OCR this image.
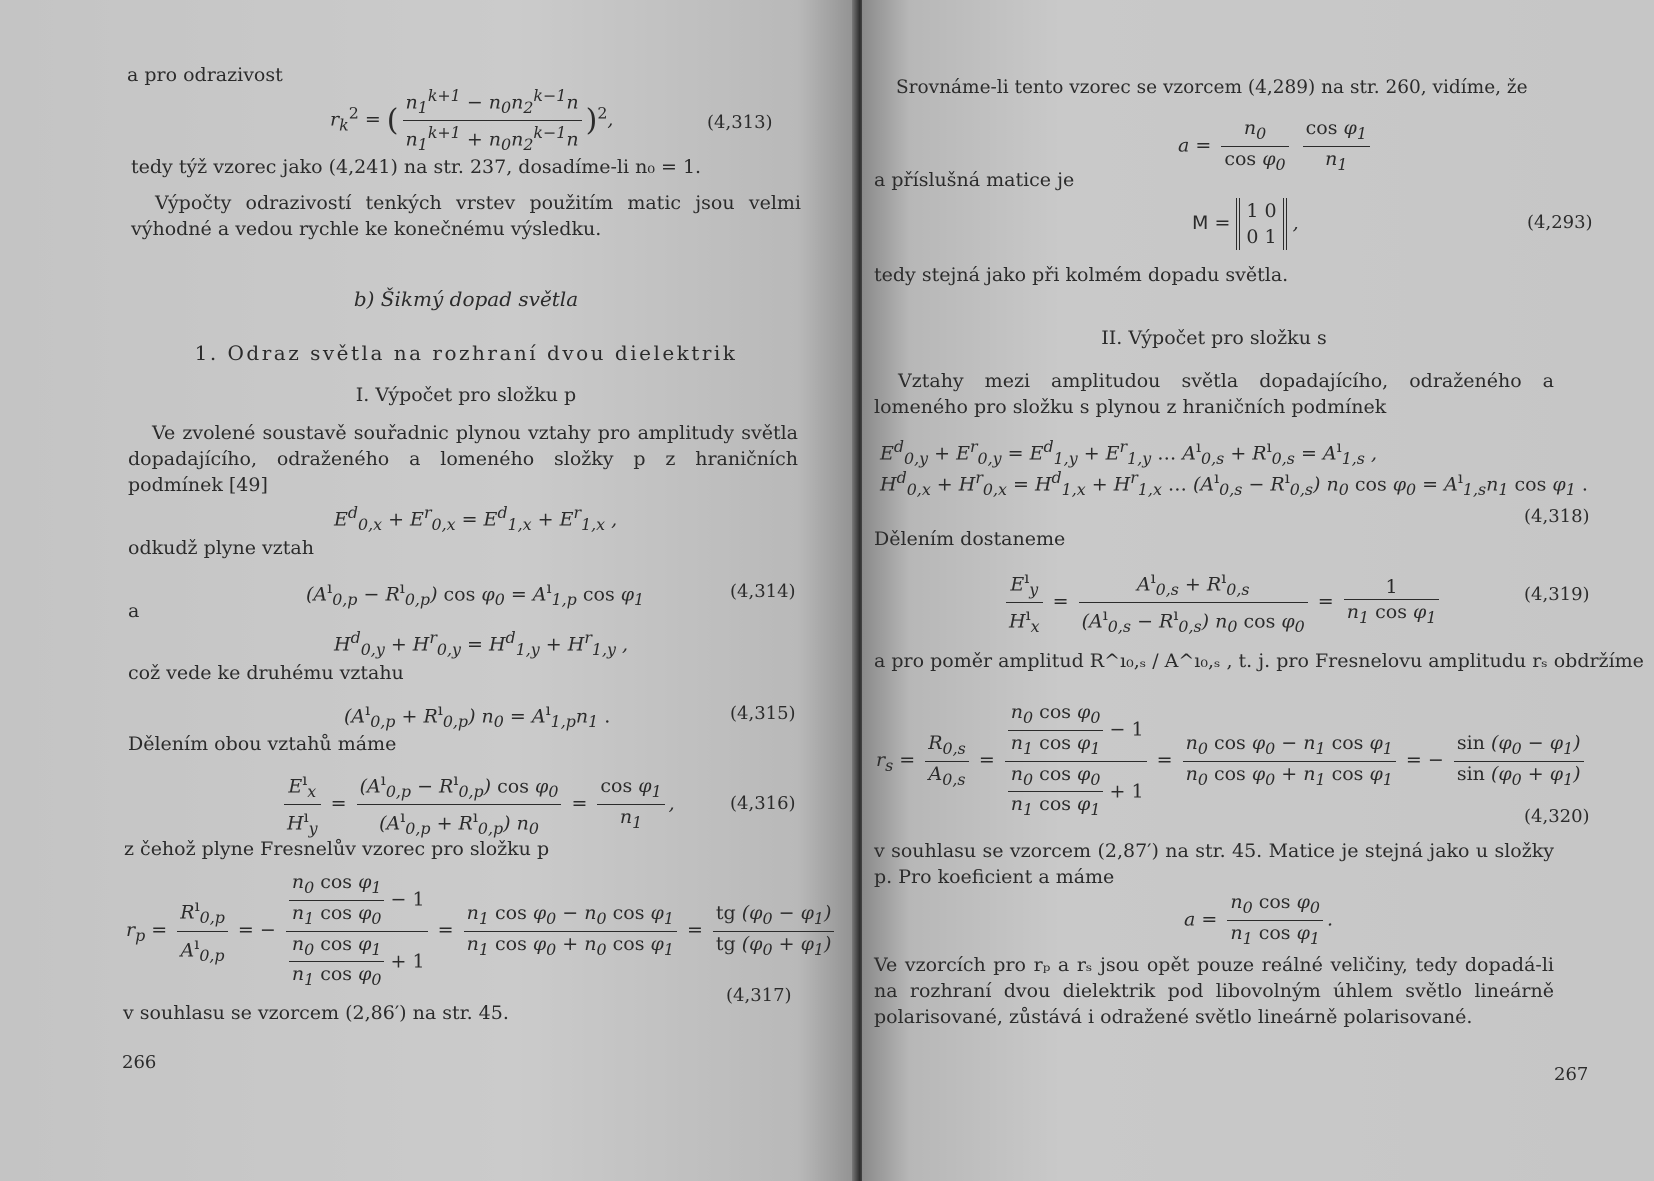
a pro odrazivost
$r_k^2$ = ( $\frac{n_1^{k+1} - n_0n_2^{k-1}n}{n_1^{k+1} + n_0n_2^{k-1}n} )^2$,	(4,313)
tedy týž vzorec jako (4,241) na str. 237, dosadíme-li n₀ = 1.
Výpočty odrazivostí tenkých vrstev použitím matic jsou velmi výhodné a vedou rychle ke konečnému výsledku.
b) Šikmý dopad světla
1. Odraz světla na rozhraní dvou dielektrik
I. Výpočet pro složku p
Ve zvolené soustavě souřadnic plynou vztahy pro amplitudy světla dopadajícího, odraženého a lomeného složky p z hraničních podmínek [49]
$E^d_{0,x} + E^r_{0,x} = E^d_{1,x} + E^r_{1,x}$ ,
odkudž plyne vztah
$(A^ı_{0,p} - R^ı_{0,p})$ $\cos \varphi_0 = A^ı_{1,p}$ $\cos \varphi_1$	(4,314)
a
$H^d_{0,y} + H^r_{0,y} = H^d_{1,y} + H^r_{1,y}$ ,
což vede ke druhému vztahu
$(A^ı_{0,p} + R^ı_{0,p}) n_0 = A^ı_{1,p}n_1$ .	(4,315)
Dělením obou vztahů máme
$\frac{E^ı_x}{H^ı_y} = \frac{(A^ı_{0,p} - R^ı_{0,p}) \cos \varphi_0}{(A^ı_{0,p} + R^ı_{0,p}) n_0} = \frac{\cos \varphi_1}{n_1}$ ,	(4,316)
z čehož plyne Fresnelův vzorec pro složku p
$r_p = \frac{R^ı_{0,p}}{A^ı_{0,p}}$ = − $\frac{\frac{n_0 \cos \varphi_1}{n_1 \cos \varphi_0} - 1}{\frac{n_0 \cos \varphi_1}{n_1 \cos \varphi_0} + 1} = \frac{n_1 \cos \varphi_0 - n_0 \cos \varphi_1}{n_1 \cos \varphi_0 + n_0 \cos \varphi_1} = \frac{tg (\varphi_0 - \varphi_1)}{tg (\varphi_0 + \varphi_1)}$
(4,317)
v souhlasu se vzorcem (2,86′) na str. 45.
266
Srovnáme-li tento vzorec se vzorcem (4,289) na str. 260, vidíme, že
$a = \frac{n_0}{\cos \varphi_0}$
$\frac{\cos \varphi_1}{n_1}$
a příslušná matice je
M = 1 0
0 1 ,	(4,293)
tedy stejná jako při kolmém dopadu světla.
II. Výpočet pro složku s
Vztahy mezi amplitudou světla dopadajícího, odraženého a lomeného pro složku s plynou z hraničních podmínek
$E^d_{0,y} + E^r_{0,y} = E^d_{1,y} + E^r_{1,y}$ … $A^ı_{0,s} + R^ı_{0,s} = A^ı_{1,s}$ ,
$H^d_{0,x} + H^r_{0,x} = H^d_{1,x} + H^r_{1,x}$ … $(A^ı_{0,s} - R^ı_{0,s})$ $n_0$ $\cos \varphi_0 = A^ı_{1,s}n_1$ $\cos \varphi_1$ .
(4,318)
Dělením dostaneme
$\frac{E^ı_y}{H^ı_x} = \frac{A^ı_{0,s} + R^ı_{0,s}}{(A^ı_{0,s} - R^ı_{0,s}) n_0 \cos \varphi_0} = \frac{1}{n_1 \cos \varphi_1}$	(4,319)
a pro poměr amplitud R^ı₀,ₛ / A^ı₀,ₛ , t. j. pro Fresnelovu amplitudu rₛ obdržíme
$r_s = \frac{R_{0,s}}{A_{0,s}} = \frac{\frac{n_0 \cos \varphi_0}{n_1 \cos \varphi_1} - 1}{\frac{n_0 \cos \varphi_0}{n_1 \cos \varphi_1} + 1} = \frac{n_0 \cos \varphi_0 - n_1 \cos \varphi_1}{n_0 \cos \varphi_0 + n_1 \cos \varphi_1}$ = − $\frac{\sin (\varphi_0 - \varphi_1)}{\sin (\varphi_0 + \varphi_1)}$
(4,320)
v souhlasu se vzorcem (2,87′) na str. 45. Matice je stejná jako u složky p. Pro koeficient a máme
$a = \frac{n_0 \cos \varphi_0}{n_1 \cos \varphi_1}$ .
Ve vzorcích pro rₚ a rₛ jsou opět pouze reálné veličiny, tedy dopadá-li na rozhraní dvou dielektrik pod libovolným úhlem světlo lineárně polarisované, zůstává i odražené světlo lineárně polarisované.
267
